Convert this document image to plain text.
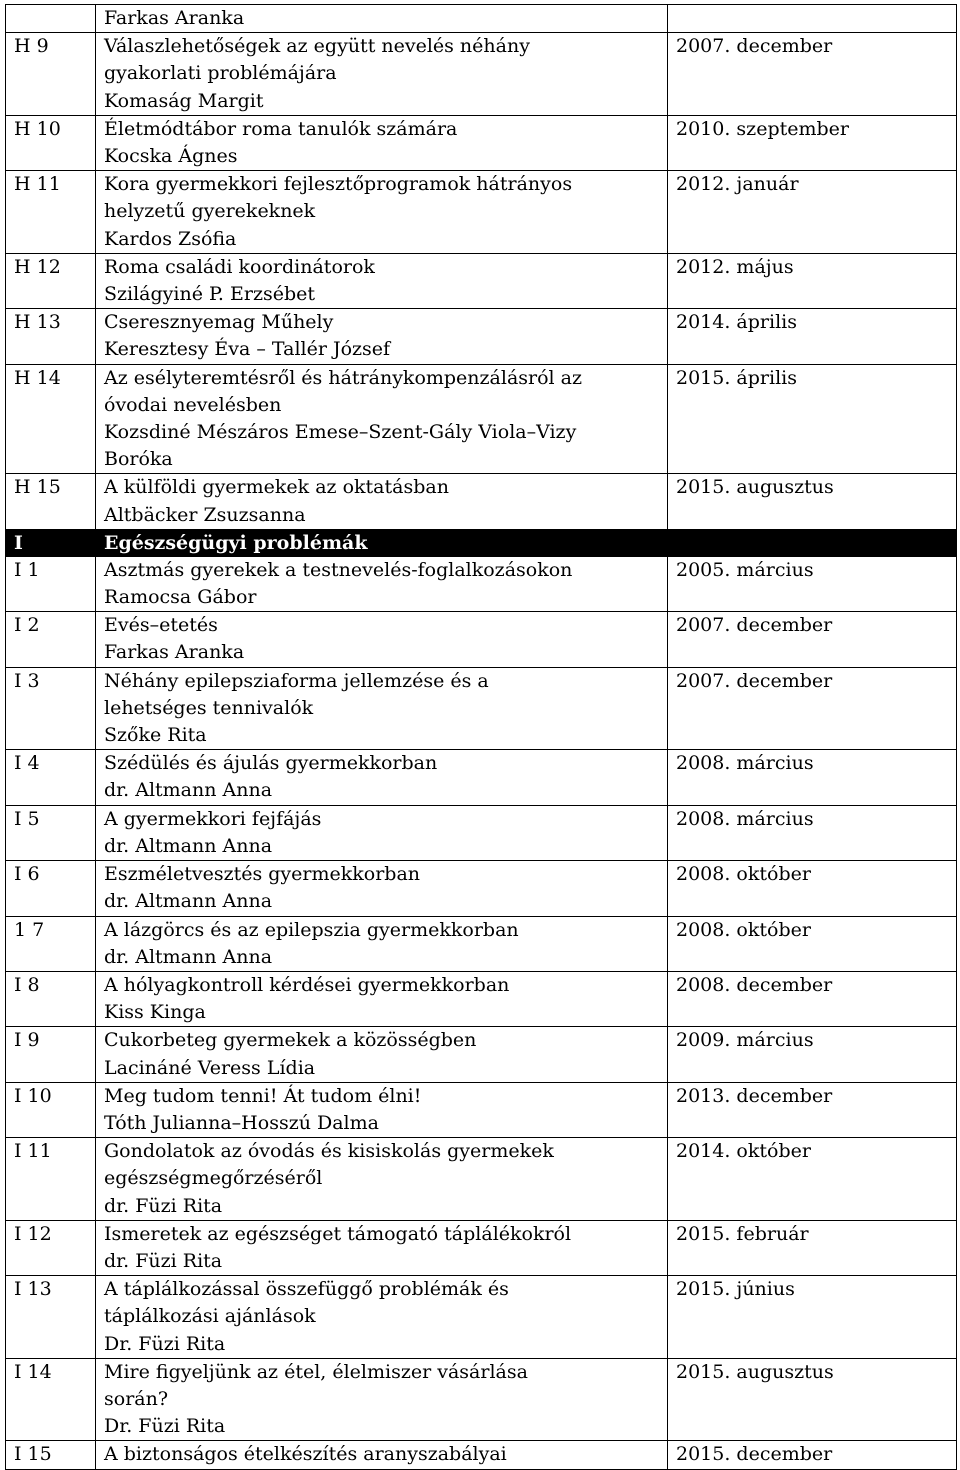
	Farkas Aranka	

H 9	Válaszlehetőségek az együtt nevelés néhány
gyakorlati problémájára
Komaság Margit	2007. december
H 10	Életmódtábor roma tanulók számára
Kocska Ágnes	2010. szeptember
H 11	Kora gyermekkori fejlesztőprogramok hátrányos
helyzetű gyerekeknek
Kardos Zsófia	2012. január
H 12	Roma családi koordinátorok
Szilágyiné P. Erzsébet	2012. május
H 13	Cseresznyemag Műhely
Keresztesy Éva – Tallér József	2014. április
H 14	Az esélyteremtésről és hátránykompenzálásról az
óvodai nevelésben
Kozsdiné Mészáros Emese–Szent-Gály Viola–Vizy
Boróka	2015. április
H 15	A külföldi gyermekek az oktatásban
Altbäcker Zsuzsanna	2015. augusztus
I	Egészségügyi problémák	
I 1	Asztmás gyerekek a testnevelés-foglalkozásokon
Ramocsa Gábor	2005. március
I 2	Evés–etetés
Farkas Aranka	2007. december
I 3	Néhány epilepsziaforma jellemzése és a
lehetséges tennivalók
Szőke Rita	2007. december
I 4	Szédülés és ájulás gyermekkorban
dr. Altmann Anna	2008. március
I 5	A gyermekkori fejfájás
dr. Altmann Anna	2008. március
I 6	Eszméletvesztés gyermekkorban
dr. Altmann Anna	2008. október
1 7	A lázgörcs és az epilepszia gyermekkorban
dr. Altmann Anna	2008. október
I 8	A hólyagkontroll kérdései gyermekkorban
Kiss Kinga	2008. december
I 9	Cukorbeteg gyermekek a közösségben
Lacináné Veress Lídia	2009. március
I 10	Meg tudom tenni! Át tudom élni!
Tóth Julianna–Hosszú Dalma	2013. december
I 11	Gondolatok az óvodás és kisiskolás gyermekek
egészségmegőrzéséről
dr. Füzi Rita	2014. október
I 12	Ismeretek az egészséget támogató táplálékokról
dr. Füzi Rita	2015. február
I 13	A táplálkozással összefüggő problémák és
táplálkozási ajánlások
Dr. Füzi Rita	2015. június
I 14	Mire figyeljünk az étel, élelmiszer vásárlása
során?
Dr. Füzi Rita	2015. augusztus
I 15	A biztonságos ételkészítés aranyszabályai	2015. december
